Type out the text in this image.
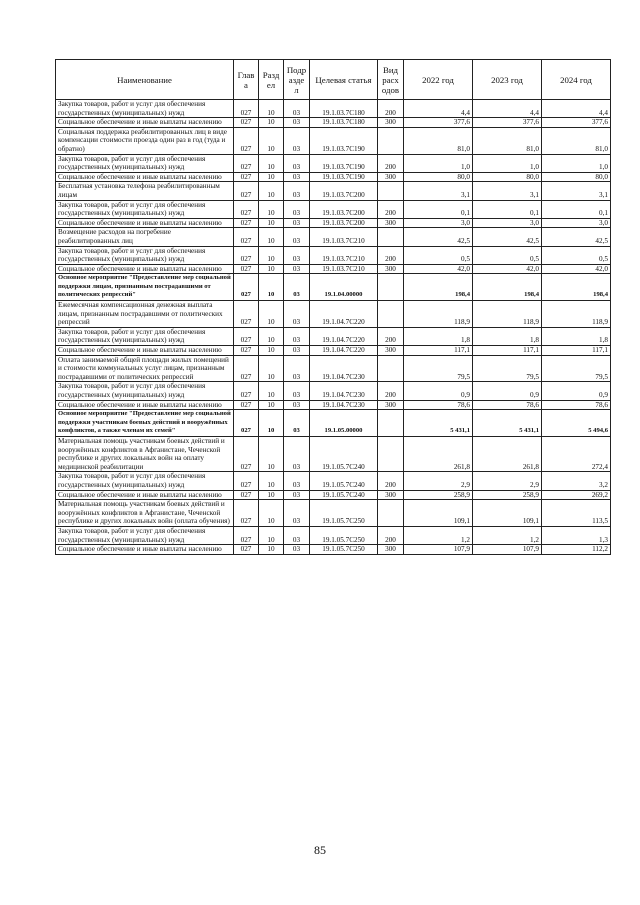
Наименование	Глав а	Разд ел	Подр азде л	Целевая статья	Вид расх одов	2022 год	2023 год	2024 год
Закупка товаров, работ и услуг для обеспечения государственных (муниципальных) нужд	027	10	03	19.1.03.7С180	200	4,4	4,4	4,4
Социальное обеспечение и иные выплаты населению	027	10	03	19.1.03.7С180	300	377,6	377,6	377,6
Социальная поддержка реабилитированных лиц в виде компенсации стоимости проезда один раз в год (туда и обратно)	027	10	03	19.1.03.7С190		81,0	81,0	81,0
Закупка товаров, работ и услуг для обеспечения государственных (муниципальных) нужд	027	10	03	19.1.03.7С190	200	1,0	1,0	1,0
Социальное обеспечение и иные выплаты населению	027	10	03	19.1.03.7С190	300	80,0	80,0	80,0
Бесплатная установка телефона реабилитированным лицам	027	10	03	19.1.03.7С200		3,1	3,1	3,1
Закупка товаров, работ и услуг для обеспечения государственных (муниципальных) нужд	027	10	03	19.1.03.7С200	200	0,1	0,1	0,1
Социальное обеспечение и иные выплаты населению	027	10	03	19.1.03.7С200	300	3,0	3,0	3,0
Возмещение расходов на погребение реабилитированных лиц	027	10	03	19.1.03.7С210		42,5	42,5	42,5
Закупка товаров, работ и услуг для обеспечения государственных (муниципальных) нужд	027	10	03	19.1.03.7С210	200	0,5	0,5	0,5
Социальное обеспечение и иные выплаты населению	027	10	03	19.1.03.7С210	300	42,0	42,0	42,0
Основное мероприятие "Предоставление мер социальной поддержки лицам, признанным пострадавшими от политических репрессий"	027	10	03	19.1.04.00000		198,4	198,4	198,4
Ежемесячная компенсационная денежная выплата лицам, признанным пострадавшими от политических репрессий	027	10	03	19.1.04.7С220		118,9	118,9	118,9
Закупка товаров, работ и услуг для обеспечения государственных (муниципальных) нужд	027	10	03	19.1.04.7С220	200	1,8	1,8	1,8
Социальное обеспечение и иные выплаты населению	027	10	03	19.1.04.7С220	300	117,1	117,1	117,1
Оплата занимаемой общей площади жилых помещений и стоимости коммунальных услуг лицам, признанным пострадавшими от политических репрессий	027	10	03	19.1.04.7С230		79,5	79,5	79,5
Закупка товаров, работ и услуг для обеспечения государственных (муниципальных) нужд	027	10	03	19.1.04.7С230	200	0,9	0,9	0,9
Социальное обеспечение и иные выплаты населению	027	10	03	19.1.04.7С230	300	78,6	78,6	78,6
Основное мероприятие "Предоставление мер социальной поддержки участникам боевых действий и вооружённых конфликтов, а также членам их семей"	027	10	03	19.1.05.00000		5 431,1	5 431,1	5 494,6
Материальная помощь участникам боевых действий и вооружённых конфликтов в Афганистане, Чеченской республике и других локальных войн на оплату медицинской реабилитации	027	10	03	19.1.05.7С240		261,8	261,8	272,4
Закупка товаров, работ и услуг для обеспечения государственных (муниципальных) нужд	027	10	03	19.1.05.7С240	200	2,9	2,9	3,2
Социальное обеспечение и иные выплаты населению	027	10	03	19.1.05.7С240	300	258,9	258,9	269,2
Материальная помощь участникам боевых действий и вооружённых конфликтов в Афганистане, Чеченской республике и других локальных войн (оплата обучения)	027	10	03	19.1.05.7С250		109,1	109,1	113,5
Закупка товаров, работ и услуг для обеспечения государственных (муниципальных) нужд	027	10	03	19.1.05.7С250	200	1,2	1,2	1,3
Социальное обеспечение и иные выплаты населению	027	10	03	19.1.05.7С250	300	107,9	107,9	112,2
85
